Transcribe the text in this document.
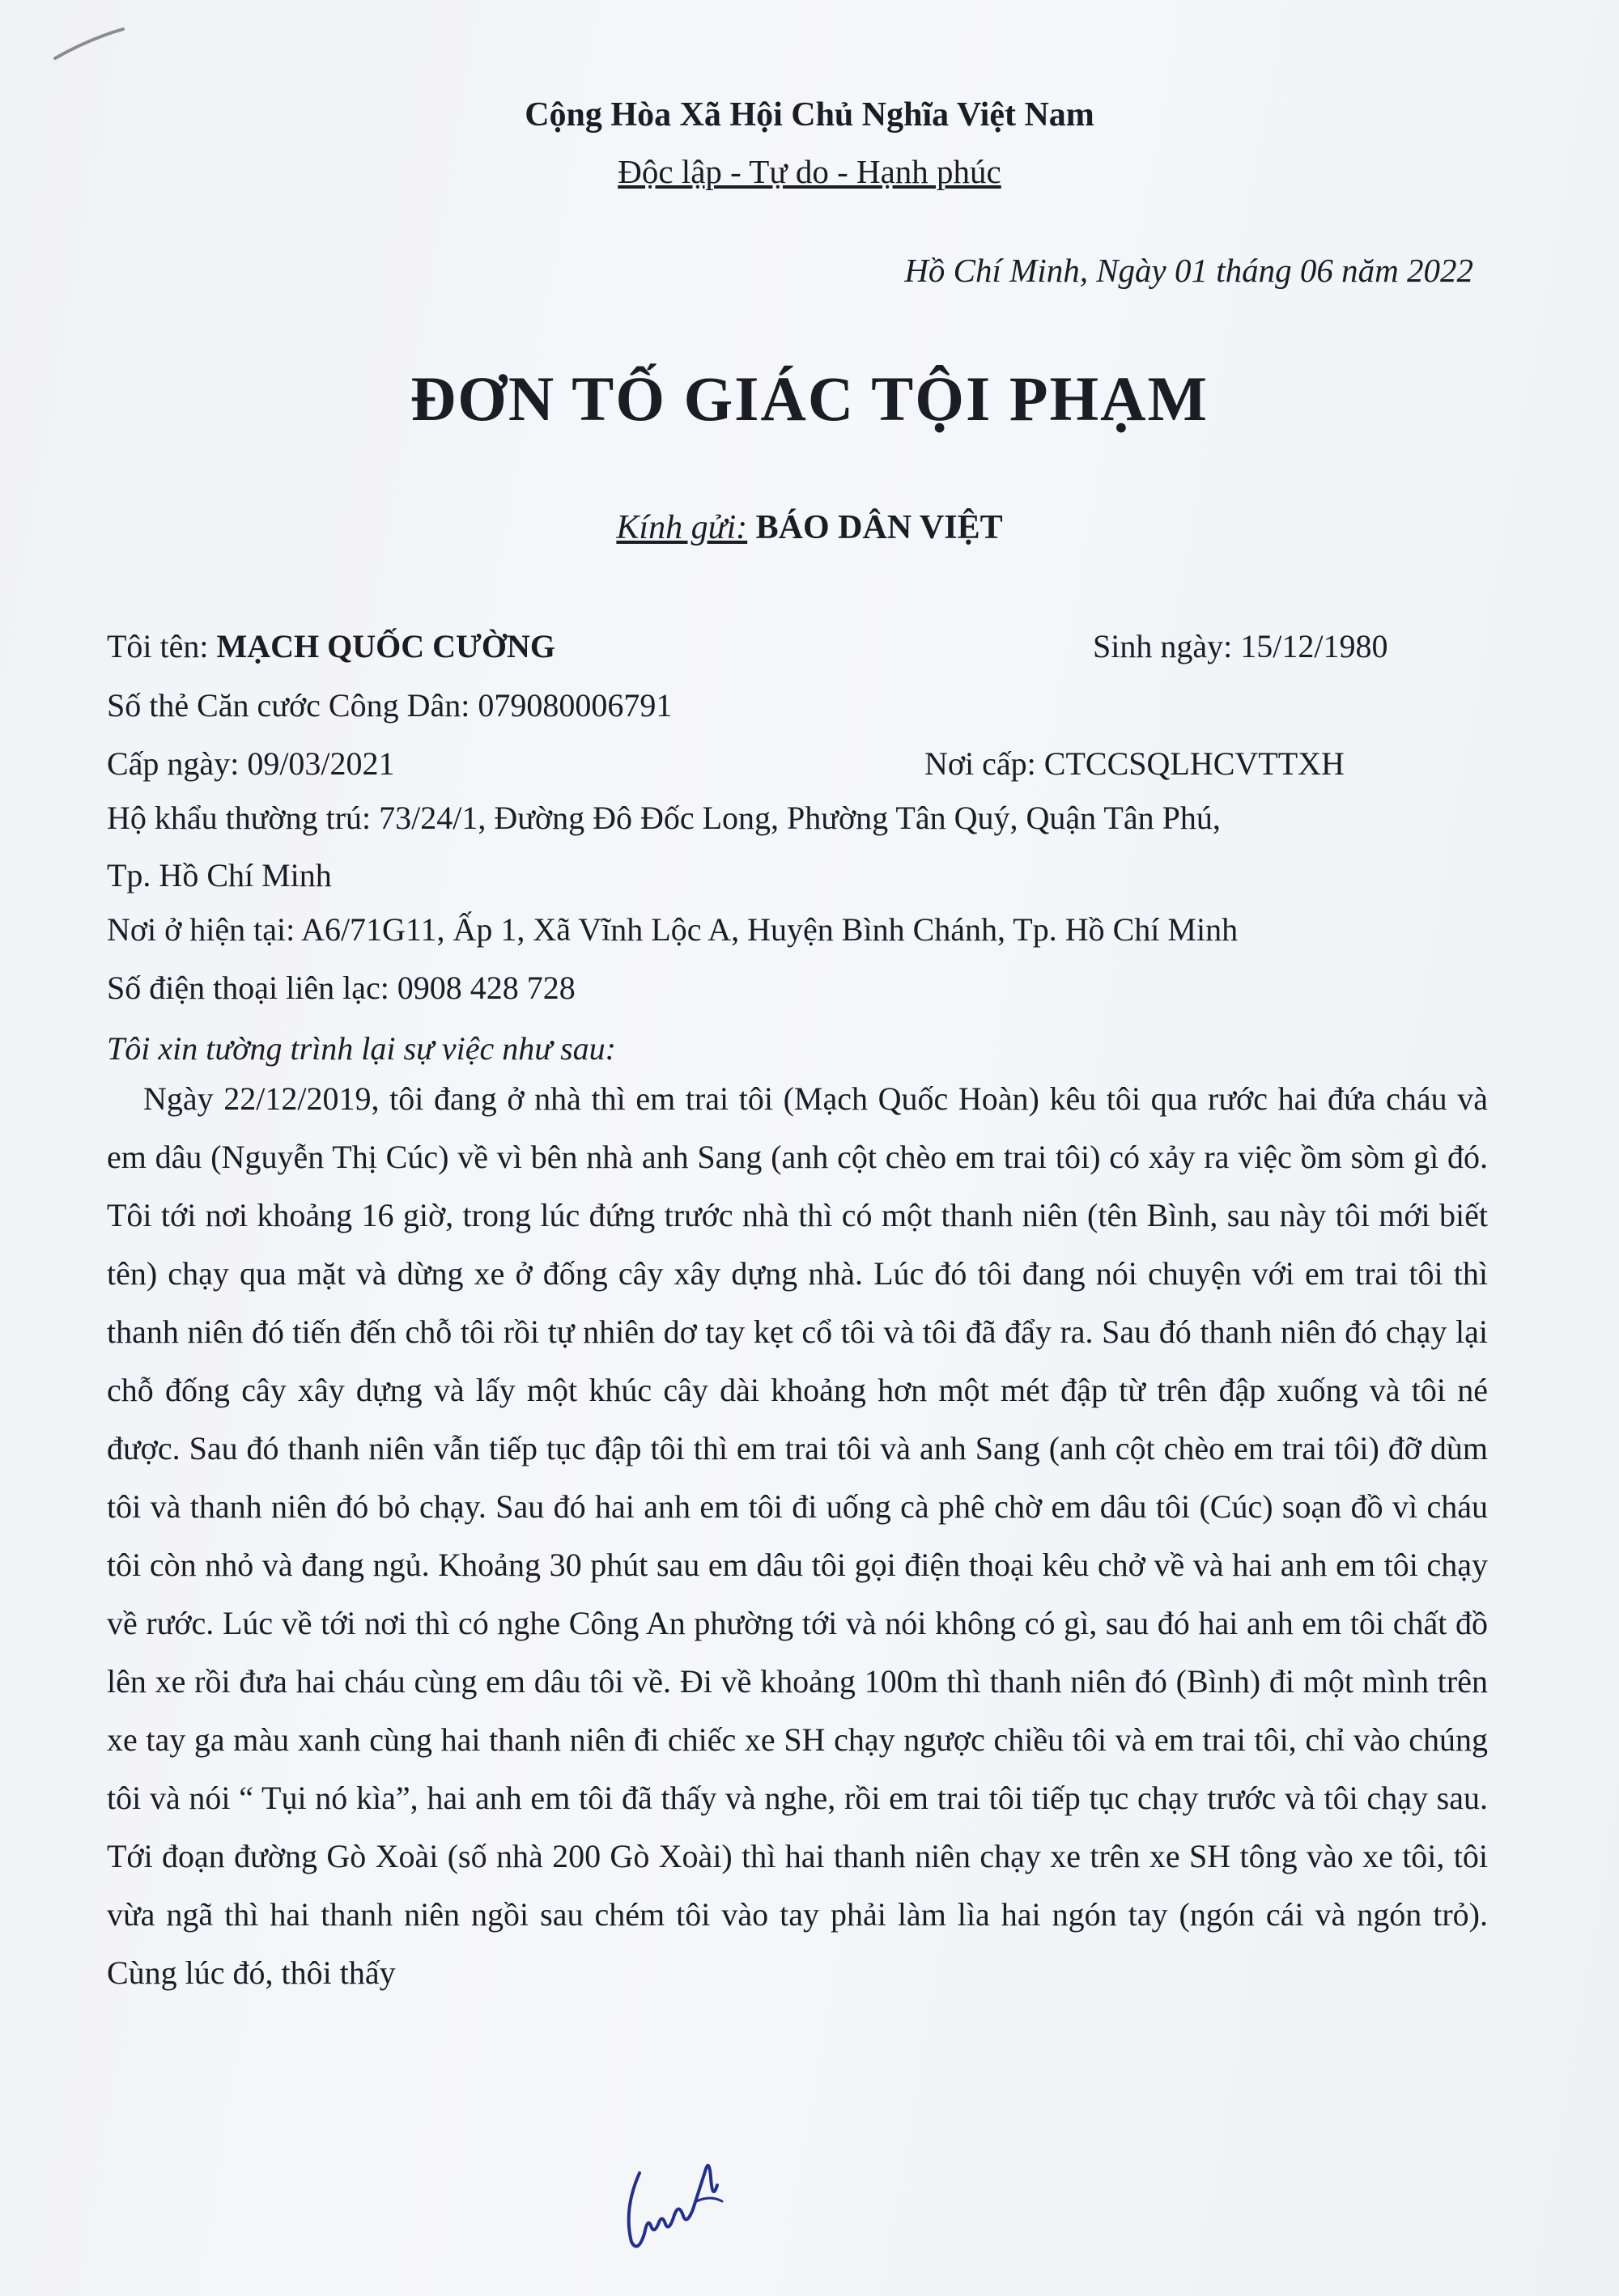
Cộng Hòa Xã Hội Chủ Nghĩa Việt Nam
Độc lập - Tự do - Hạnh phúc
Hồ Chí Minh, Ngày 01 tháng 06 năm 2022
ĐƠN TỐ GIÁC TỘI PHẠM
Kính gửi: BÁO DÂN VIỆT
Tôi tên: MẠCH QUỐC CƯỜNG	Sinh ngày: 15/12/1980
Số thẻ Căn cước Công Dân: 079080006791
Cấp ngày: 09/03/2021	Nơi cấp: CTCCSQLHCVTTXH
Hộ khẩu thường trú: 73/24/1, Đường Đô Đốc Long, Phường Tân Quý, Quận Tân Phú,
Tp. Hồ Chí Minh
Nơi ở hiện tại: A6/71G11, Ấp 1, Xã Vĩnh Lộc A, Huyện Bình Chánh, Tp. Hồ Chí Minh
Số điện thoại liên lạc: 0908 428 728
Tôi xin tường trình lại sự việc như sau:

Ngày 22/12/2019, tôi đang ở nhà thì em trai tôi (Mạch Quốc Hoàn) kêu tôi qua rước hai đứa cháu và em dâu (Nguyễn Thị Cúc) về vì bên nhà anh Sang (anh cột chèo em trai tôi) có xảy ra việc ồm sòm gì đó. Tôi tới nơi khoảng 16 giờ, trong lúc đứng trước nhà thì có một thanh niên (tên Bình, sau này tôi mới biết tên) chạy qua mặt và dừng xe ở đống cây xây dựng nhà. Lúc đó tôi đang nói chuyện với em trai tôi thì thanh niên đó tiến đến chỗ tôi rồi tự nhiên dơ tay kẹt cổ tôi và tôi đã đẩy ra. Sau đó thanh niên đó chạy lại chỗ đống cây xây dựng và lấy một khúc cây dài khoảng hơn một mét đập từ trên đập xuống và tôi né được. Sau đó thanh niên vẫn tiếp tục đập tôi thì em trai tôi và anh Sang (anh cột chèo em trai tôi) đỡ dùm tôi và thanh niên đó bỏ chạy. Sau đó hai anh em tôi đi uống cà phê chờ em dâu tôi (Cúc) soạn đồ vì cháu tôi còn nhỏ và đang ngủ. Khoảng 30 phút sau em dâu tôi gọi điện thoại kêu chở về và hai anh em tôi chạy về rước. Lúc về tới nơi thì có nghe Công An phường tới và nói không có gì, sau đó hai anh em tôi chất đồ lên xe rồi đưa hai cháu cùng em dâu tôi về. Đi về khoảng 100m thì thanh niên đó (Bình) đi một mình trên xe tay ga màu xanh cùng hai thanh niên đi chiếc xe SH chạy ngược chiều tôi và em trai tôi, chỉ vào chúng tôi và nói “ Tụi nó kìa”, hai anh em tôi đã thấy và nghe, rồi em trai tôi tiếp tục chạy trước và tôi chạy sau. Tới đoạn đường Gò Xoài (số nhà 200 Gò Xoài) thì hai thanh niên chạy xe trên xe SH tông vào xe tôi, tôi vừa ngã thì hai thanh niên ngồi sau chém tôi vào tay phải làm lìa hai ngón tay (ngón cái và ngón trỏ). Cùng lúc đó, thôi thấy
